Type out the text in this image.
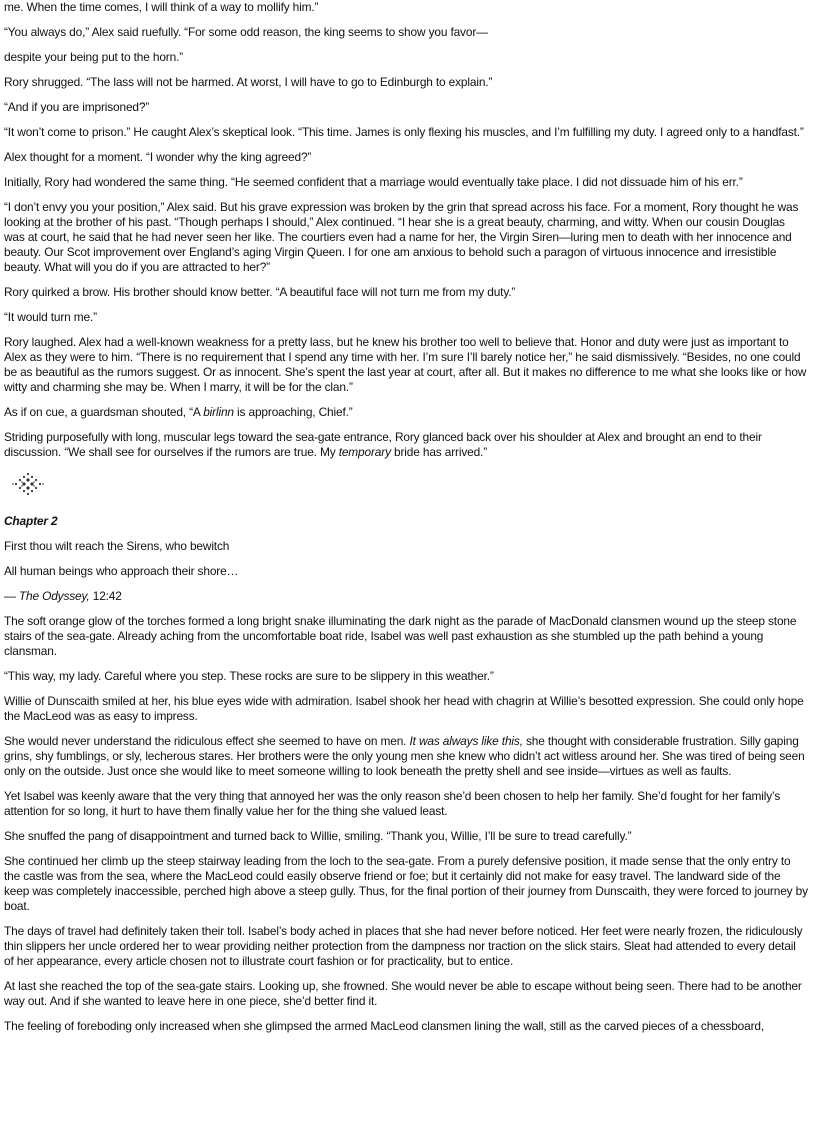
me. When the time comes, I will think of a way to mollify him.”

“You always do,” Alex said ruefully. “For some odd reason, the king seems to show you favor—

despite your being put to the horn.”

Rory shrugged. “The lass will not be harmed. At worst, I will have to go to Edinburgh to explain.”

“And if you are imprisoned?”

“It won’t come to prison.” He caught Alex’s skeptical look. “This time. James is only flexing his muscles, and I’m fulfilling my duty. I agreed only to a handfast.”

Alex thought for a moment. “I wonder why the king agreed?”

Initially, Rory had wondered the same thing. “He seemed confident that a marriage would eventually take place. I did not dissuade him of his err.”

“I don’t envy you your position,” Alex said. But his grave expression was broken by the grin that spread across his face. For a moment, Rory thought he was looking at the brother of his past. “Though perhaps I should,” Alex continued. “I hear she is a great beauty, charming, and witty. When our cousin Douglas was at court, he said that he had never seen her like. The courtiers even had a name for her, the Virgin Siren—luring men to death with her innocence and beauty. Our Scot improvement over England’s aging Virgin Queen. I for one am anxious to behold such a paragon of virtuous innocence and irresistible beauty. What will you do if you are attracted to her?”

Rory quirked a brow. His brother should know better. “A beautiful face will not turn me from my duty.”

“It would turn me.”

Rory laughed. Alex had a well-known weakness for a pretty lass, but he knew his brother too well to believe that. Honor and duty were just as important to Alex as they were to him. “There is no requirement that I spend any time with her. I’m sure I’ll barely notice her,” he said dismissively. “Besides, no one could be as beautiful as the rumors suggest. Or as innocent. She’s spent the last year at court, after all. But it makes no difference to me what she looks like or how witty and charming she may be. When I marry, it will be for the clan.”

As if on cue, a guardsman shouted, “A birlinn is approaching, Chief.”

Striding purposefully with long, muscular legs toward the sea-gate entrance, Rory glanced back over his shoulder at Alex and brought an end to their discussion. “We shall see for ourselves if the rumors are true. My temporary bride has arrived.”

Chapter 2

First thou wilt reach the Sirens, who bewitch

All human beings who approach their shore…

— The Odyssey, 12:42

The soft orange glow of the torches formed a long bright snake illuminating the dark night as the parade of MacDonald clansmen wound up the steep stone stairs of the sea-gate. Already aching from the uncomfortable boat ride, Isabel was well past exhaustion as she stumbled up the path behind a young clansman.

“This way, my lady. Careful where you step. These rocks are sure to be slippery in this weather.”

Willie of Dunscaith smiled at her, his blue eyes wide with admiration. Isabel shook her head with chagrin at Willie’s besotted expression. She could only hope the MacLeod was as easy to impress.

She would never understand the ridiculous effect she seemed to have on men. It was always like this, she thought with considerable frustration. Silly gaping grins, shy fumblings, or sly, lecherous stares. Her brothers were the only young men she knew who didn’t act witless around her. She was tired of being seen only on the outside. Just once she would like to meet someone willing to look beneath the pretty shell and see inside—virtues as well as faults.

Yet Isabel was keenly aware that the very thing that annoyed her was the only reason she’d been chosen to help her family. She’d fought for her family’s attention for so long, it hurt to have them finally value her for the thing she valued least.

She snuffed the pang of disappointment and turned back to Willie, smiling. “Thank you, Willie, I’ll be sure to tread carefully.”

She continued her climb up the steep stairway leading from the loch to the sea-gate. From a purely defensive position, it made sense that the only entry to the castle was from the sea, where the MacLeod could easily observe friend or foe; but it certainly did not make for easy travel. The landward side of the keep was completely inaccessible, perched high above a steep gully. Thus, for the final portion of their journey from Dunscaith, they were forced to journey by boat.

The days of travel had definitely taken their toll. Isabel’s body ached in places that she had never before noticed. Her feet were nearly frozen, the ridiculously thin slippers her uncle ordered her to wear providing neither protection from the dampness nor traction on the slick stairs. Sleat had attended to every detail of her appearance, every article chosen not to illustrate court fashion or for practicality, but to entice.

At last she reached the top of the sea-gate stairs. Looking up, she frowned. She would never be able to escape without being seen. There had to be another way out. And if she wanted to leave here in one piece, she’d better find it.

The feeling of foreboding only increased when she glimpsed the armed MacLeod clansmen lining the wall, still as the carved pieces of a chessboard,
